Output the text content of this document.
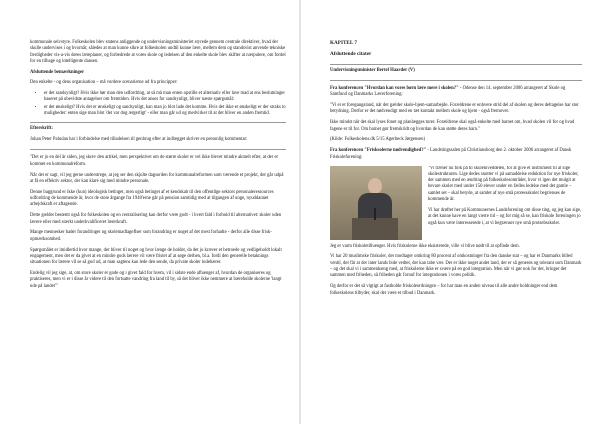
kommunale selvstyre. Folkeskolen blev statens anliggende og undervisningsministeriet styrede gennem centrale direktiver, hvad der skulle undervises i og hvornår, således at man kunne sikre at folkeskolen undtil kunne lære, mellem dem og standsvist anvende tekniske færdigheder vis-a-vis deres læreplaner, og forbedrede at vores skole og ledelsen af den enkelte skole blev skifter at nærpulere, om fordel for en tilbage og intelligente dansen.

Afsluttende bemærkninger

Den enkelte - og dens organisation – må vurdere scenarierne ud fra principper:

• er det sandsynligt? Hvis ikke hør man den udfordring, at så må man enten opstille et alternativ eller lave mad at ens beslutninger baseret på ubevidste antagelser om fremtiden. Hvis det anses for sandsynligt, bliver næste spørgsmål:
• er det ønskeligt? Hvis det er ønskeligt og sandsynligt, kan man jo blot lade det komme. Hvis det ikke er ønskeligt er der straks to muligheder: enten sige man blot 'det var dog ærgerligt' - eller man går ud og medvirker til at det bliver en anden fremtid.

Efterskrift:

Johan Peter Paludan har i forbindelse med tilladelsen til genbrug efter at indlægget skriver en personlig kommentar:

"Det er jo en del år siden, jeg skrev den artikel, men perspektivet om de større skoler er vel ikke blevet mindre aktuelt efter, at der er kommet en kommunalreform.

Når det er sagt, vil jeg gerne understrege, at jeg ser den skjulte dagsorden for kommunalreformen som værende et projekt, der går udpå at få en effektiv sektor, der kan klare sig med mindre personale.

Denne baggrund er ikke (kun) ideologisk betinget, men også betinget af et kendskab til den offentlige sektors personaleressources udfordring de kommende år, hvor de store årgange fra 1940'erne går på pension samtidig med at tilgangen af unge, nyuddannet arbejdskraft er aftagende.

Dette gælder bestemt også for folkeskolen og en centralisering kan derfor være godt - i hvert fald i forhold til alternativet: skoler uden lærere eller med stærkt underkvalificeret lærerkraft.

Mange mennesker hader forandringer og skolemadlageflser som forandring er noget af det mest forhadte - derfor alle disse frisk-opmærksomhed.

Spørgsmålet er imidlertid hvor mange, der bliver til noget og hvor længe de holder, da det jo kræver et betroede og vedligeholdt lokalt engagement, men det er da givet at en mindre gods lærere vil være fristet af at søge derhen, bl.a. fordi den generelle betaknings situationen for lærere vil se så god ud, at man sagtens kan lede den sende, da private skoler indebærer.

Endelig vil jeg sige, at, om store skoler er gode og i givet fald for hvem, vil i sidste ende afhænger af, hvordan de organiseres og praktiseres, men vi er i disse år videre til den fortsatte vandring fra land til by, så det bliver ikke nemmere at bæreholde skolerne 'langt ude på landet'"

KAPITEL 7

Afsluttende citater

Undervisningsminister Bertel Haarder (V)

Fra konferencen "Hvordan kan vores børn lære mere i skolen?" - Odense den 14. september 2006 arrangeret af Skole og Samfund og Danmarks Lærerforening:

"Vi er et foregangsland, når det gælder skole-hjem-samarbejde. Forældrene er enhvere strid del af skolen og deres deltagelse har stor betydning. Derfor er det nødvendigt med en tæt kontakt mellem skole og hjem - også fremover.

Ikke mindst når det skal lyses fonet og planlægges turer. Forældrene skal også enkelte med barnet om, hvad skolen vil for og hvad fagene er til for. Om barnet gør fremskridt og hvordan de kan støtte deres barn."

(Kilde: Folkeskolens.dk 5/15 Agerbeck Jørgensen)

Fra konferencen "Frisksolerne nødvendighed?" - Landstingssalen på Christiansborg den 2. oktober 2006 arrangeret af Dansk Friskoleforening:

"Vi træner nu folk på til skuleniveddelen, for at give et instrument til at sige skolestrukturen. Lige dedes snotter vi på samaddelse reduktion for nye friskoler, der sammen med en ændring på folkeskolesområdet, hvor vi igen det mulgit at bevare skoler med under 150 elever under en fælles ledelse med det gamle – samlet set – skal betyde, at samlet af nye små protessskoler begrænses de kommende år.

Vi har drøftet her på Kommunernes Landsforening om disse ting, og jeg kan sige, at det kunne have en langt værre tid – og for mig så se, kan friskole foreningen jo også kun være interesserede i, at vi begrænser nye små protsebsskoler.

Jeg er varm friskoletilhænger. Hvis friskolerne ikke eksisterede, ville vi blive nødt til at opfinde dem.

Vi har 20 muslimske friskoler, der modtager omkring 80 procent af omkostninger fra den danske stat – og har et Danmarks billed ventil, der får at der inter lands bide vedtet, der kan tabe vær. Der er ikke noget andet land, der er så generøs og tolerant som Danmark – og det skal vi i sammenhæng med, at friskolerne ikke er svære på en god integration. Men når vi gør nok for det, bringer det sammen med friheden, så friheden går fornuf for integrationen i vores politik.

Og derfor er det så vigtigt at fastholde friskoleordningen – for har man en anden niveau til alle andre holdninger end dem folkeskolens tilbyder, skal der være et tilbud i Danmark.
